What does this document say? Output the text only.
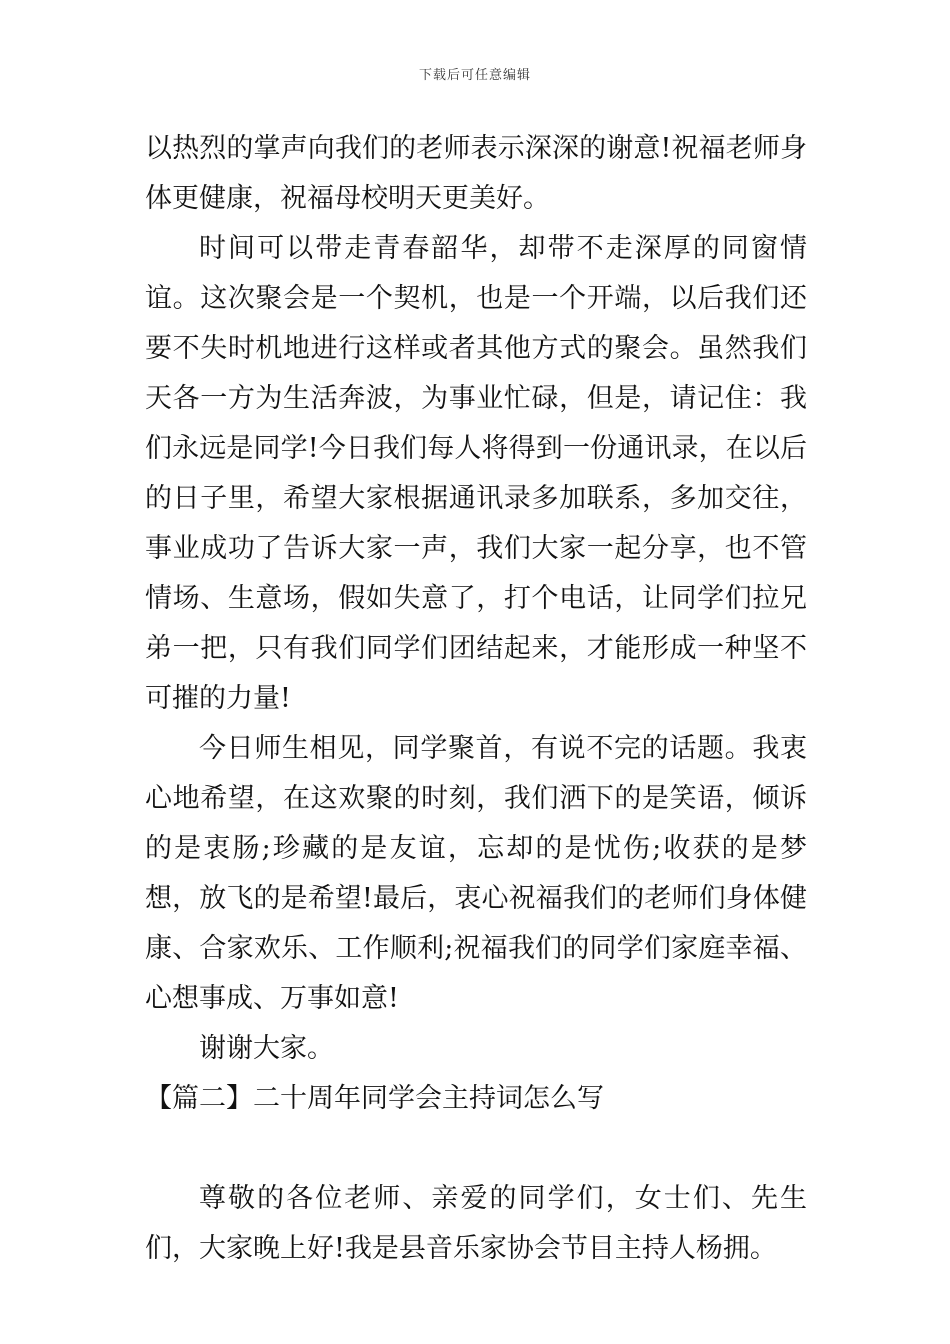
下载后可任意编辑

以热烈的掌声向我们的老师表示深深的谢意!祝福老师身体更健康，祝福母校明天更美好。

时间可以带走青春韶华，却带不走深厚的同窗情谊。这次聚会是一个契机，也是一个开端，以后我们还要不失时机地进行这样或者其他方式的聚会。虽然我们天各一方为生活奔波，为事业忙碌，但是，请记住：我们永远是同学!今日我们每人将得到一份通讯录，在以后的日子里，希望大家根据通讯录多加联系，多加交往，事业成功了告诉大家一声，我们大家一起分享，也不管情场、生意场，假如失意了，打个电话，让同学们拉兄弟一把，只有我们同学们团结起来，才能形成一种坚不可摧的力量!

今日师生相见，同学聚首，有说不完的话题。我衷心地希望，在这欢聚的时刻，我们洒下的是笑语，倾诉的是衷肠;珍藏的是友谊，忘却的是忧伤;收获的是梦想，放飞的是希望!最后，衷心祝福我们的老师们身体健康、合家欢乐、工作顺利;祝福我们的同学们家庭幸福、心想事成、万事如意!

谢谢大家。

【篇二】二十周年同学会主持词怎么写

尊敬的各位老师、亲爱的同学们，女士们、先生们，大家晚上好!我是县音乐家协会节目主持人杨拥。
